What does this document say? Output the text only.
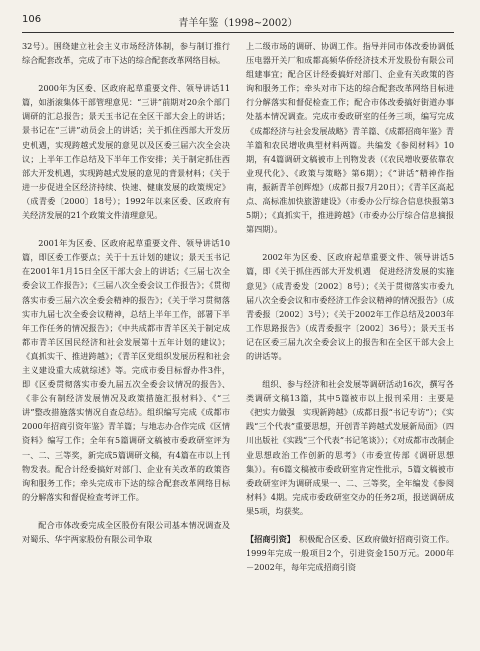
106	青羊年鉴（1998~2002）

32号）。围绕建立社会主义市场经济体制，参与制订推行综合配套改革，完成了市下达的综合配套改革网络目标。

2000年为区委、区政府起草重要文件、领导讲话11篇，如浙滚集体干部管理意见：“三讲”前期对20余个部门调研的汇总报告；景天玉书记在全区干部大会上的讲话；景书记在“三讲”动员会上的讲话；关于抓住西部大开发历史机遇，实现跨越式发展的意见以及区委三届六次全会决议；上半年工作总结及下半年工作安排；关于制定抓住西部大开发机遇，实现跨越式发展的意见的背景材料；《关于进一步促进全区经济持续、快速、健康发展的政策规定》（成青委〔2000〕18号）；1992年以来区委、区政府有关经济发展的21个政策文件清理意见。

2001年为区委、区政府起草重要文件、领导讲话10篇，即区委工作要点；关于十五计划的建议；景天玉书记在2001年1月15日全区干部大会上的讲话；《三届七次全委会议工作报告》；《三届八次全委会议工作报告》；《贯彻落实市委三届六次全委会精神的报告》；《关于学习贯彻落实市九届七次全委会议精神，总结上半年工作，部署下半年工作任务的情况报告》；《中共成都市青羊区关于制定成都市青羊区国民经济和社会发展第十五年计划的建议》；《真抓实干、推进跨越》；《青羊区党组织发展历程和社会主义建设重大成就综述》等。完成市委目标督办件3件，即《区委贯彻落实市委九届五次全委会议情况的报告》、《非公有制经济发展情况及政策措施汇报材料》、《“三讲”整改措施落实情况自查总结》。组织编写完成《成都市2000年招商引资年鉴》青羊篇；与地志办合作完成《区情资料》编写工作；全年有5篇调研文稿被市委政研室评为一、二、三等奖，新完成5篇调研文稿，有4篇在市以上刊物发表。配合计经委搞好对部门、企业有关改革的政策咨询和服务工作；牵头完成市下达的综合配套改革网络目标的分解落实和督促检查考评工作。

配合市体改委完成全区股份有限公司基本情况调查及对蜀乐、华宇两家股份有限公司争取

上二级市场的调研、协调工作。指导并同市体改委协调低压电器开关厂和成都高频华侨经济技术开发股份有限公司组建事宜；配合区计经委搞好对部门、企业有关政策的咨询和服务工作；牵头对市下达的综合配套改革网络目标进行分解落实和督促检查工作；配合市体改委搞好街道办事处基本情况调查。完成市委政研室的任务三项，编写完成《成都经济与社会发展战略》青羊篇、《成都招商年鉴》青羊篇和农民增收典型材料两篇。共编发《参阅材料》10期，有4篇调研文稿被市上刊物发表（《农民增收要依靠农业现代化》、《政策与策略》第6期）；《“讲话”精神作指南，振新青羊创辉煌》（成都日报7月20日）；《青羊区高起点、高标准加快旅游建设》（市委办公厅综合信息快报第35期）；《真抓实干，推进跨越》（市委办公厅综合信息摘报第四期）。

2002年为区委、区政府起草重要文件、领导讲话5篇，即《关于抓住西部大开发机遇　促进经济发展的实施意见》（成青委发〔2002〕8号）；《关于贯彻落实市委九届八次全委会议和市委经济工作会议精神的情况报告》（成青委报〔2002〕3号）；《关于2002年工作总结及2003年工作思路报告》（成青委报字〔2002〕36号）；景天玉书记在区委三届九次全委会议上的报告和在全区干部大会上的讲话等。

组织、参与经济和社会发展等调研活动16次，撰写各类调研文稿13篇，其中5篇被市以上报刊采用：主要是《把实力做强　实现新跨越》（成都日报“书记专访”）；《实践“三个代表”重要思想，开创青羊跨越式发展新局面》（四川出版社《实践“三个代表”书记笔谈》）；《对成都市改制企业思想政治工作创新的思考》（市委宣传部《调研思想集》）。有6篇文稿被市委政研室肯定性批示，5篇文稿被市委政研室评为调研成果一、二、三等奖，全年编发《参阅材料》4期。完成市委政研室交办的任务2项，报送调研成果5项，均获奖。

【招商引资】　积极配合区委、区政府做好招商引资工作。1999年完成一般项目2个，引进资金150万元。2000年－2002年，每年完成招商引资
